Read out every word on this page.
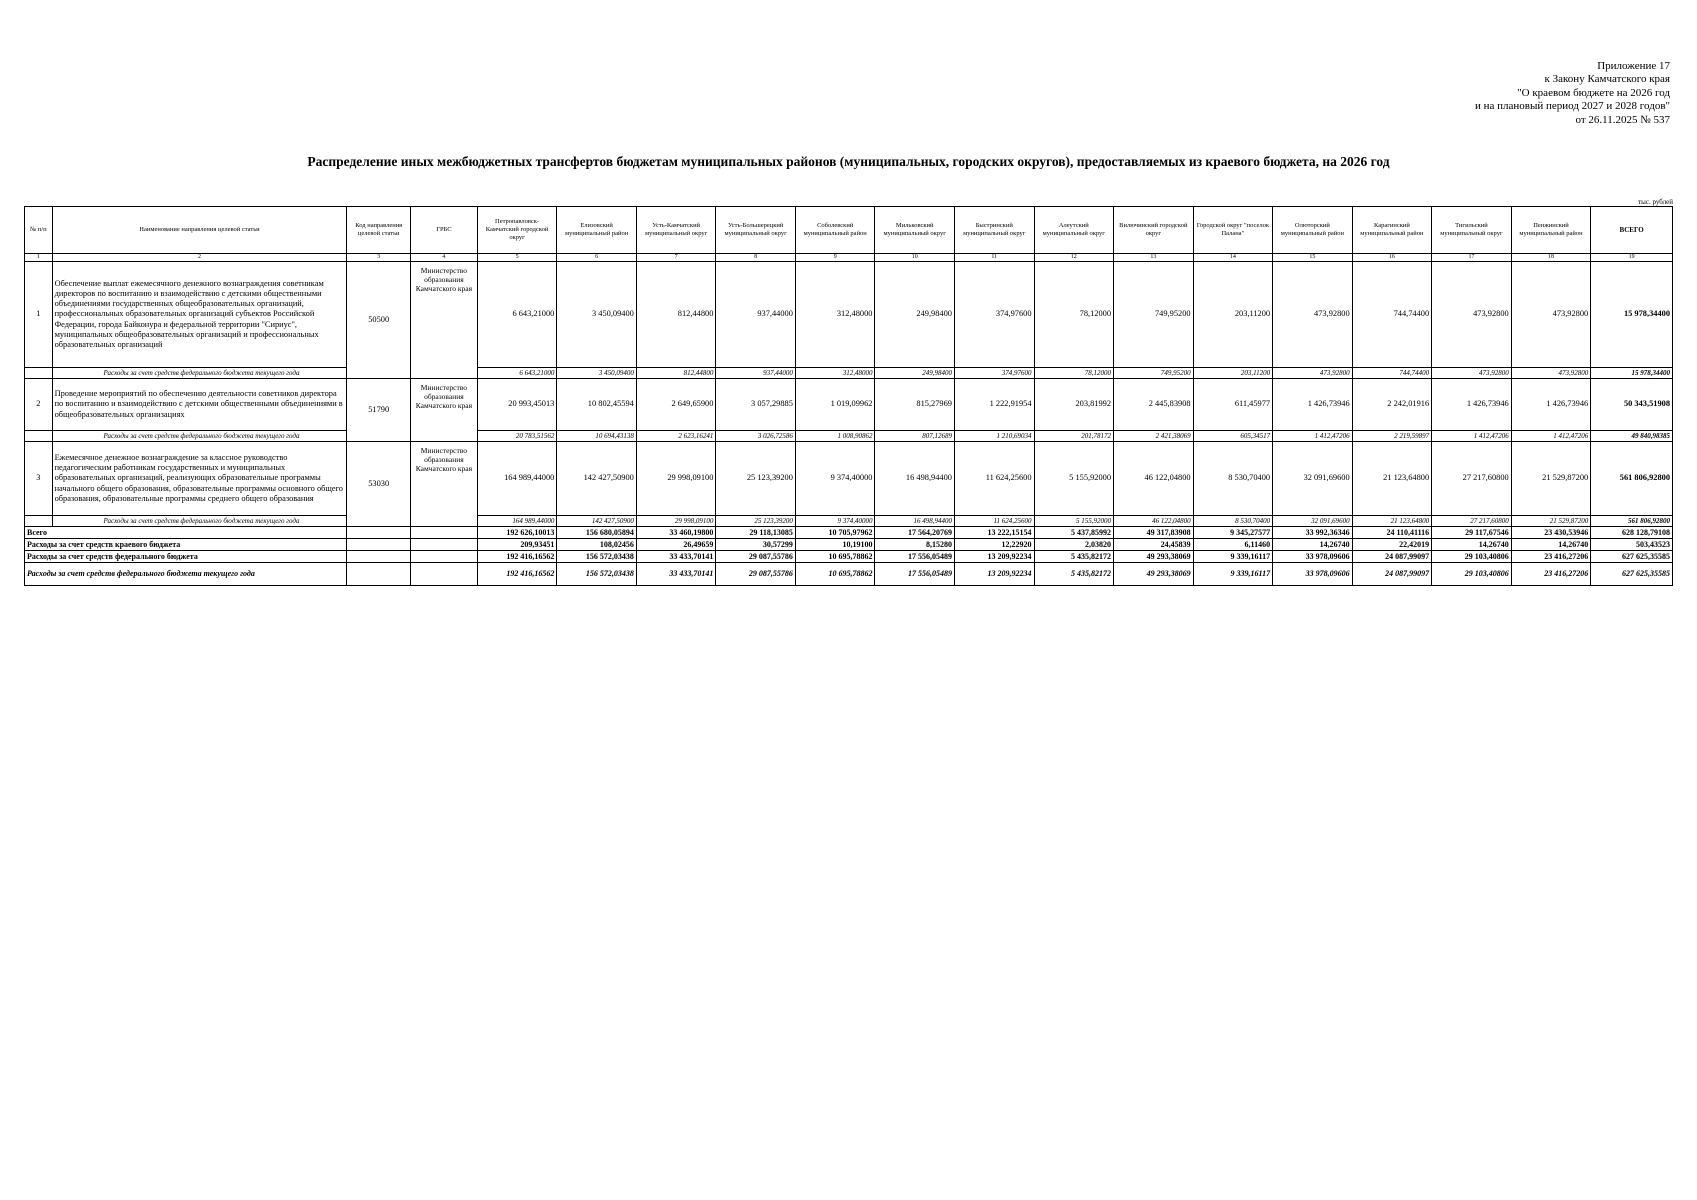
Приложение 17
к Закону Камчатского края
"О краевом бюджете на 2026 год
и на плановый период 2027 и 2028 годов"
от 26.11.2025 № 537
Распределение иных межбюджетных трансфертов бюджетам муниципальных районов (муниципальных, городских округов), предоставляемых из краевого бюджета, на 2026 год
тыс. рублей
№ п/п	Наименование направления целевой статьи	Код направления целевой статьи	ГРБС	Петропавловск-Камчатский городской округ	Елизовский муниципальный район	Усть-Камчатский муниципальный округ	Усть-Большерецкий муниципальный округ	Соболевский муниципальный район	Мильковский муниципальный округ	Быстринский муниципальный округ	Алеутский муниципальный округ	Вилючинский городской округ	Городской округ "поселок Палана"	Олюторский муниципальный район	Карагинский муниципальный район	Тигильский муниципальный округ	Пенжинский муниципальный район	ВСЕГО
1	2	3	4	5	6	7	8	9	10	11	12	13	14	15	16	17	18	19
1	Обеспечение выплат ежемесячного денежного вознаграждения советникам директоров по воспитанию и взаимодействию с детскими общественными объединениями государственных общеобразовательных организаций, профессиональных образовательных организаций субъектов Российской Федерации, города Байконура и федеральной территории "Сириус", муниципальных общеобразовательных организаций и профессиональных образовательных организаций	50500	Министерство образования Камчатского края	6 643,21000	3 450,09400	812,44800	937,44000	312,48000	249,98400	374,97600	78,12000	749,95200	203,11200	473,92800	744,74400	473,92800	473,92800	15 978,34400
	Расходы за счет средств федерального бюджета текущего года			6 643,21000	3 450,09400	812,44800	937,44000	312,48000	249,98400	374,97600	78,12000	749,95200	203,11200	473,92800	744,74400	473,92800	473,92800	15 978,34400
2	Проведение мероприятий по обеспечению деятельности советников директора по воспитанию и взаимодействию с детскими общественными объединениями в общеобразовательных организациях	51790	Министерство образования Камчатского края	20 993,45013	10 802,45594	2 649,65900	3 057,29885	1 019,09962	815,27969	1 222,91954	203,81992	2 445,83908	611,45977	1 426,73946	2 242,01916	1 426,73946	1 426,73946	50 343,51908
	Расходы за счет средств федерального бюджета текущего года			20 783,51562	10 694,43138	2 623,16241	3 026,72586	1 008,90862	807,12689	1 210,69034	201,78172	2 421,38069	605,34517	1 412,47206	2 219,59897	1 412,47206	1 412,47206	49 840,98385
3	Ежемесячное денежное вознаграждение за классное руководство педагогическим работникам государственных и муниципальных образовательных организаций, реализующих образовательные программы начального общего образования, образовательные программы основного общего образования, образовательные программы среднего общего образования	53030	Министерство образования Камчатского края	164 989,44000	142 427,50900	29 998,09100	25 123,39200	9 374,40000	16 498,94400	11 624,25600	5 155,92000	46 122,04800	8 530,70400	32 091,69600	21 123,64800	27 217,60800	21 529,87200	561 806,92800
	Расходы за счет средств федерального бюджета текущего года			164 989,44000	142 427,50900	29 998,09100	25 123,39200	9 374,40000	16 498,94400	11 624,25600	5 155,92000	46 122,04800	8 530,70400	32 091,69600	21 123,64800	27 217,60800	21 529,87200	561 806,92800
Всего				192 626,10013	156 680,05894	33 460,19800	29 118,13085	10 705,97962	17 564,20769	13 222,15154	5 437,85992	49 317,83908	9 345,27577	33 992,36346	24 110,41116	29 117,67546	23 430,53946	628 128,79108
Расходы за счет средств краевого бюджета				209,93451	108,02456	26,49659	30,57299	10,19100	8,15280	12,22920	2,03820	24,45839	6,11460	14,26740	22,42019	14,26740	14,26740	503,43523
Расходы за счет средств федерального бюджета				192 416,16562	156 572,03438	33 433,70141	29 087,55786	10 695,78862	17 556,05489	13 209,92234	5 435,82172	49 293,38069	9 339,16117	33 978,09606	24 087,99097	29 103,40806	23 416,27206	627 625,35585
Расходы за счет средств федерального бюджета текущего года				192 416,16562	156 572,03438	33 433,70141	29 087,55786	10 695,78862	17 556,05489	13 209,92234	5 435,82172	49 293,38069	9 339,16117	33 978,09606	24 087,99097	29 103,40806	23 416,27206	627 625,35585
